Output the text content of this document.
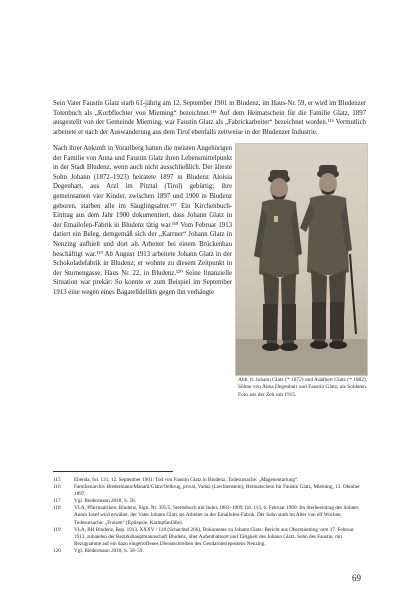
Sein Vater Faustin Glatz starb 61-jährig am 12. September 1901 in Bludenz, im Haus-Nr. 59, er wird im Bludenzer Totenbuch als „Korbflechter von Mieming“ bezeichnet.¹¹⁵ Auf dem Heimatschein für die Familie Glatz, 1897 ausgestellt von der Gemeinde Mieming, war Faustin Glatz als „Fabrickarbeiter“ bezeichnet worden.¹¹⁶ Vermutlich arbeitete er nach der Auswanderung aus dem Tirol ebenfalls zeitweise in der Bludenzer Industrie.

Nach ihrer Ankunft in Vorarlberg hatten die meisten Angehörigen der Familie von Anna und Faustin Glatz ihren Lebensmittelpunkt in der Stadt Bludenz, wenn auch nicht ausschließlich. Der älteste Sohn Johann (1872–1923) heiratete 1897 in Bludenz Aloisia Degenhart, aus Arzl im Pitztal (Tirol) gebürtig; ihre gemeinsamen vier Kinder, zwischen 1897 und 1900 in Bludenz geboren, starben alle im Säuglingsalter.¹¹⁷ Ein Kirchenbuch-Eintrag aus dem Jahr 1900 dokumentiert, dass Johann Glatz in der Emailofen-Fabrik in Bludenz tätig war.¹¹⁸ Vom Februar 1913 datiert ein Beleg, demgemäß sich der „Karrner“ Johann Glatz in Nenzing aufhielt und dort als Arbeiter bei einem Brückenbau beschäftigt war.¹¹⁹ Ab August 1913 arbeitete Johann Glatz in der Schokoladefabrik in Bludenz; er wohnte zu diesem Zeitpunkt in der Sturnengasse, Haus Nr. 22, in Bludenz.¹²⁰ Seine finanzielle Situation war prekär: So konnte er zum Beispiel im September 1913 eine wegen eines Bagatelldelikts gegen ihn verhängte

Abb. 6: Johann Glatz (* 1872) und Adalbert Glatz (* 1882), Söhne von Anna Degenhart und Faustin Glatz, als Soldaten. Foto aus der Zeit um 1915.
115	Ebenda, fol. 131, 12. September 1901: Tod von Faustin Glatz in Bludenz, Todesursache: „Magenentartung“.
116	Familienarchiv Biedermann/Manahl/Glatz/Oelkrug, privat, Vaduz (Liechtenstein), Heimatschein für Faustin Glatz, Mieming, 13. Oktober 1897.
117	Vgl. Biedermann 2018, S. 58.
118	VLA, Pfarrmatriken: Bludenz, Sign. Nr. 395/5: Sterbebuch mit Index 1883–1909, fol. 113, 6. Februar 1900: Im Sterbeeintrag des Sohnes Anton Josef wird erwähnt, der Vater Johann Glatz sei Arbeiter in der Emailofen-Fabrik. Der Sohn starb im Alter von elf Wochen, Todesursache: „Fraisen“ (Epilepsie, Krampfanfälle).
119	VLA, BH Bludenz, Rep. 1913, XXXV / 118 (Schachtel 266), Dokumente zu Johann Glatz: Bericht aus Obermieming vom 17. Februar 1913, zuhanden der Bezirkshauptmannschaft Bludenz, über Aufenthaltsort und Tätigkeit des Johann Glatz, Sohn des Faustin, mit Bezugnahme auf ein dazu eingetroffenes Dienstschreiben des Gendarmeriepostens Nenzing.
120	Vgl. Biedermann 2018, S. 58–59.
69
